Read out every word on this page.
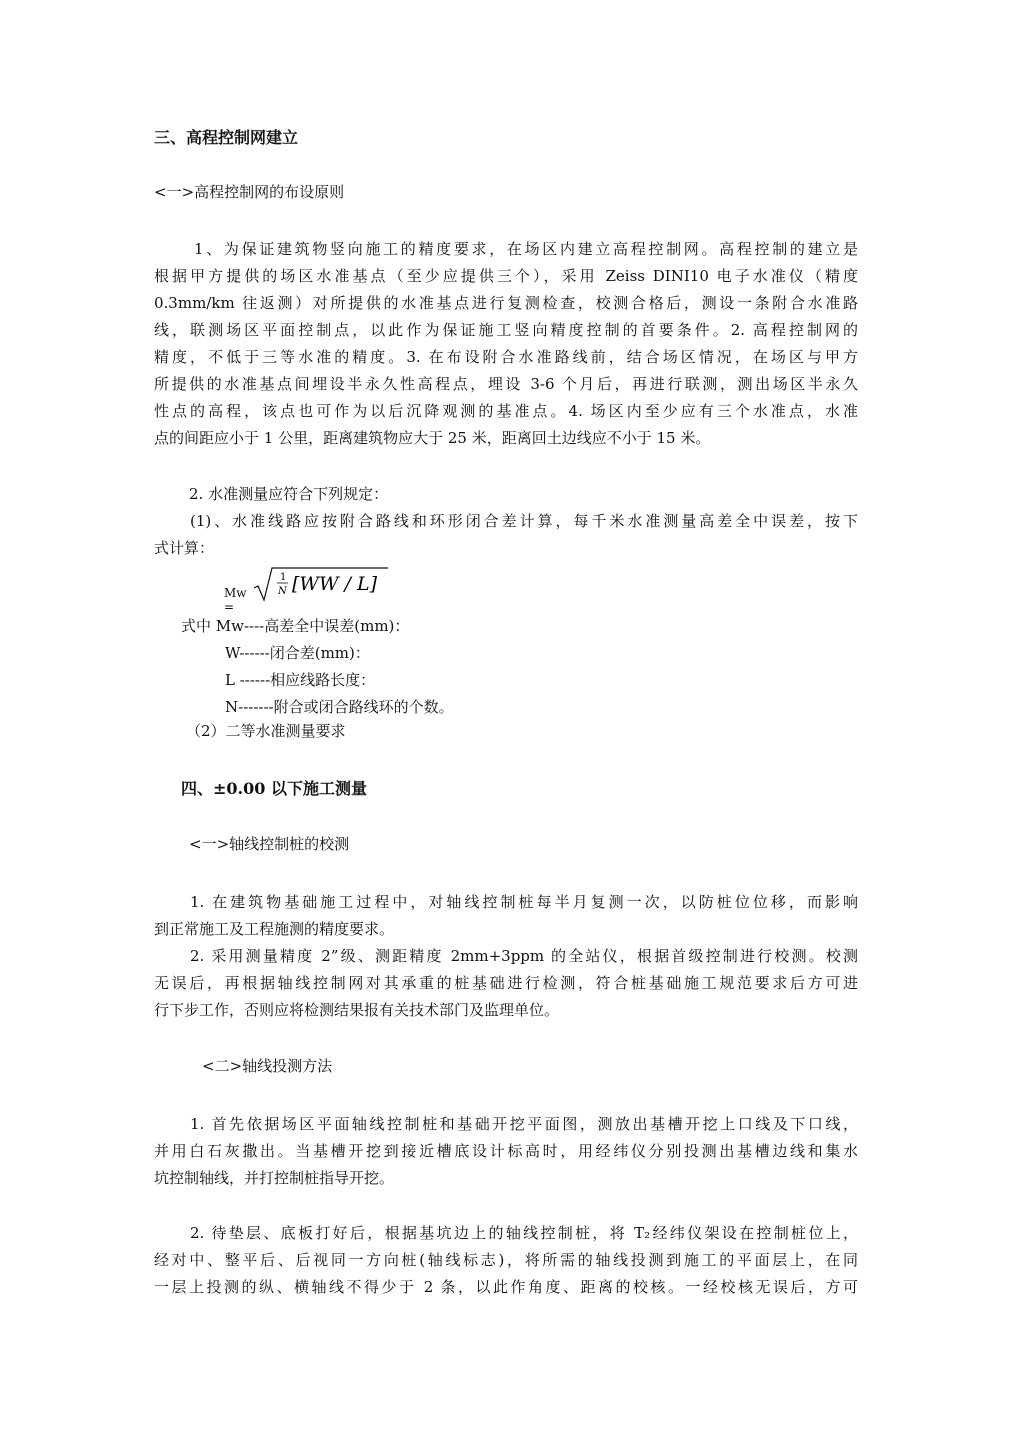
三、高程控制网建立
<一>高程控制网的布设原则
1、为保证建筑物竖向施工的精度要求，在场区内建立高程控制网。高程控制的建立是
根据甲方提供的场区水准基点（至少应提供三个），采用 Zeiss DINI10 电子水准仪（精度
0.3mm/km 往返测）对所提供的水准基点进行复测检查，校测合格后，测设一条附合水准路
线，联测场区平面控制点，以此作为保证施工竖向精度控制的首要条件。2. 高程控制网的
精度，不低于三等水准的精度。3. 在布设附合水准路线前，结合场区情况，在场区与甲方
所提供的水准基点间埋设半永久性高程点，埋设 3-6 个月后，再进行联测，测出场区半永久
性点的高程，该点也可作为以后沉降观测的基准点。4. 场区内至少应有三个水准点，水准
点的间距应小于 1 公里，距离建筑物应大于 25 米，距离回土边线应不小于 15 米。
2. 水准测量应符合下列规定：
(1)、水准线路应按附合路线和环形闭合差计算，每千米水准测量高差全中误差，按下
式计算：
Mw =
1
N [WW / L]
式中 Mw----高差全中误差(mm)：
W------闭合差(mm)：
L ------相应线路长度：
N-------附合或闭合路线环的个数。
（2）二等水准测量要求
四、±0.00 以下施工测量
<一>轴线控制桩的校测
1. 在建筑物基础施工过程中，对轴线控制桩每半月复测一次，以防桩位位移，而影响
到正常施工及工程施测的精度要求。
2. 采用测量精度 2”级、测距精度 2mm+3ppm 的全站仪，根据首级控制进行校测。校测
无误后，再根据轴线控制网对其承重的桩基础进行检测，符合桩基础施工规范要求后方可进
行下步工作，否则应将检测结果报有关技术部门及监理单位。
<二>轴线投测方法
1. 首先依据场区平面轴线控制桩和基础开挖平面图，测放出基槽开挖上口线及下口线，
并用白石灰撒出。当基槽开挖到接近槽底设计标高时，用经纬仪分别投测出基槽边线和集水
坑控制轴线，并打控制桩指导开挖。
2. 待垫层、底板打好后，根据基坑边上的轴线控制桩，将 T₂经纬仪架设在控制桩位上，
经对中、整平后、后视同一方向桩(轴线标志)，将所需的轴线投测到施工的平面层上，在同
一层上投测的纵、横轴线不得少于 2 条，以此作角度、距离的校核。一经校核无误后，方可
